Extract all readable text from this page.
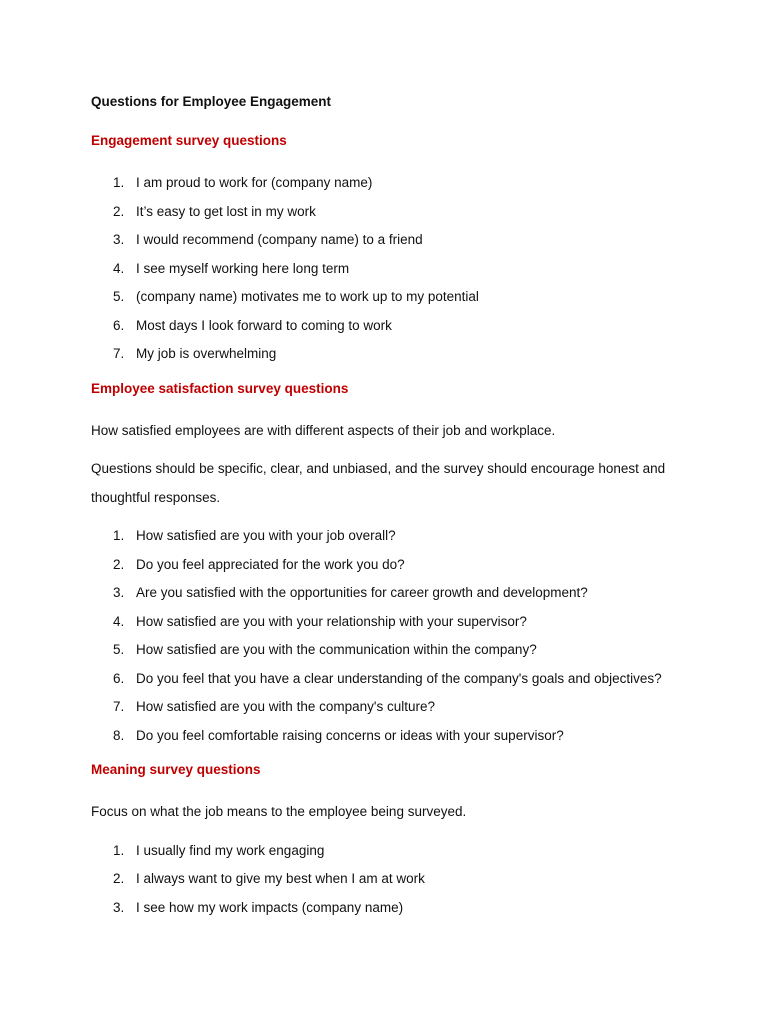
Questions for Employee Engagement
Engagement survey questions
1. I am proud to work for (company name)
2. It’s easy to get lost in my work
3. I would recommend (company name) to a friend
4. I see myself working here long term
5. (company name) motivates me to work up to my potential
6. Most days I look forward to coming to work
7. My job is overwhelming
Employee satisfaction survey questions

How satisfied employees are with different aspects of their job and workplace.

Questions should be specific, clear, and unbiased, and the survey should encourage honest and thoughtful responses.

1. How satisfied are you with your job overall?
2. Do you feel appreciated for the work you do?
3. Are you satisfied with the opportunities for career growth and development?
4. How satisfied are you with your relationship with your supervisor?
5. How satisfied are you with the communication within the company?
6. Do you feel that you have a clear understanding of the company's goals and objectives?
7. How satisfied are you with the company's culture?
8. Do you feel comfortable raising concerns or ideas with your supervisor?
Meaning survey questions

Focus on what the job means to the employee being surveyed.

1. I usually find my work engaging
2. I always want to give my best when I am at work
3. I see how my work impacts (company name)
